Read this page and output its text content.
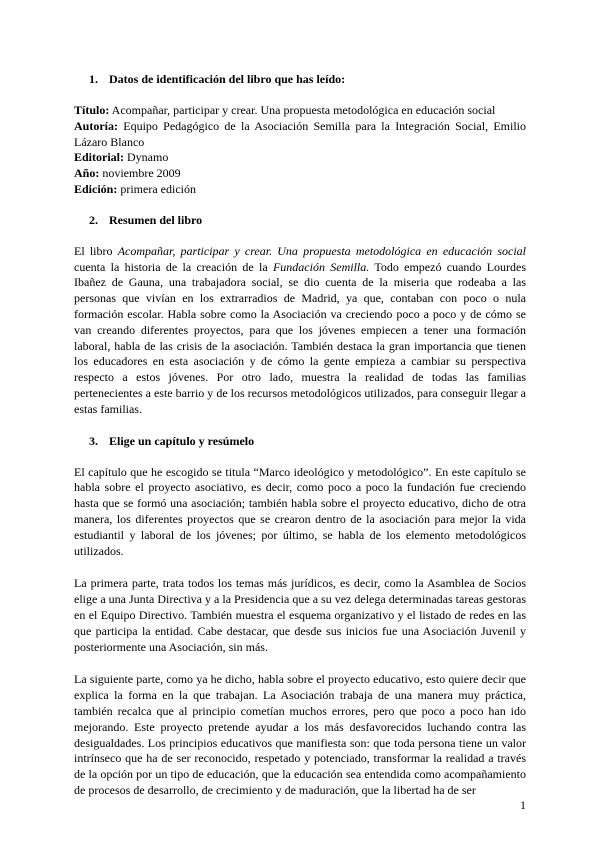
1. Datos de identificación del libro que has leído:
Título: Acompañar, participar y crear. Una propuesta metodológica en educación social
Autoría: Equipo Pedagógico de la Asociación Semilla para la Integración Social, Emilio Lázaro Blanco
Editorial: Dynamo
Año: noviembre 2009
Edición: primera edición
2. Resumen del libro

El libro Acompañar, participar y crear. Una propuesta metodológica en educación social cuenta la historia de la creación de la Fundación Semilla. Todo empezó cuando Lourdes Ibañez de Gauna, una trabajadora social, se dio cuenta de la miseria que rodeaba a las personas que vivían en los extrarradios de Madrid, ya que, contaban con poco o nula formación escolar. Habla sobre como la Asociación va creciendo poco a poco y de cómo se van creando diferentes proyectos, para que los jóvenes empiecen a tener una formación laboral, habla de las crisis de la asociación. También destaca la gran importancia que tienen los educadores en esta asociación y de cómo la gente empieza a cambiar su perspectiva respecto a estos jóvenes. Por otro lado, muestra la realidad de todas las familias pertenecientes a este barrio y de los recursos metodológicos utilizados, para conseguir llegar a estas familias.

3. Elige un capítulo y resúmelo

El capítulo que he escogido se titula “Marco ideológico y metodológico”. En este capítulo se habla sobre el proyecto asociativo, es decir, como poco a poco la fundación fue creciendo hasta que se formó una asociación; también habla sobre el proyecto educativo, dicho de otra manera, los diferentes proyectos que se crearon dentro de la asociación para mejor la vida estudiantil y laboral de los jóvenes; por último, se habla de los elemento metodológicos utilizados.

La primera parte, trata todos los temas más jurídicos, es decir, como la Asamblea de Socios elige a una Junta Directiva y a la Presidencia que a su vez delega determinadas tareas gestoras en el Equipo Directivo. También muestra el esquema organizativo y el listado de redes en las que participa la entidad. Cabe destacar, que desde sus inicios fue una Asociación Juvenil y posteriormente una Asociación, sin más.

La siguiente parte, como ya he dicho, habla sobre el proyecto educativo, esto quiere decir que explica la forma en la que trabajan. La Asociación trabaja de una manera muy práctica, también recalca que al principio cometían muchos errores, pero que poco a poco han ido mejorando. Este proyecto pretende ayudar a los más desfavorecidos luchando contra las desigualdades. Los principios educativos que manifiesta son: que toda persona tiene un valor intrínseco que ha de ser reconocido, respetado y potenciado, transformar la realidad a través de la opción por un tipo de educación, que la educación sea entendida como acompañamiento de procesos de desarrollo, de crecimiento y de maduración, que la libertad ha de ser

1
